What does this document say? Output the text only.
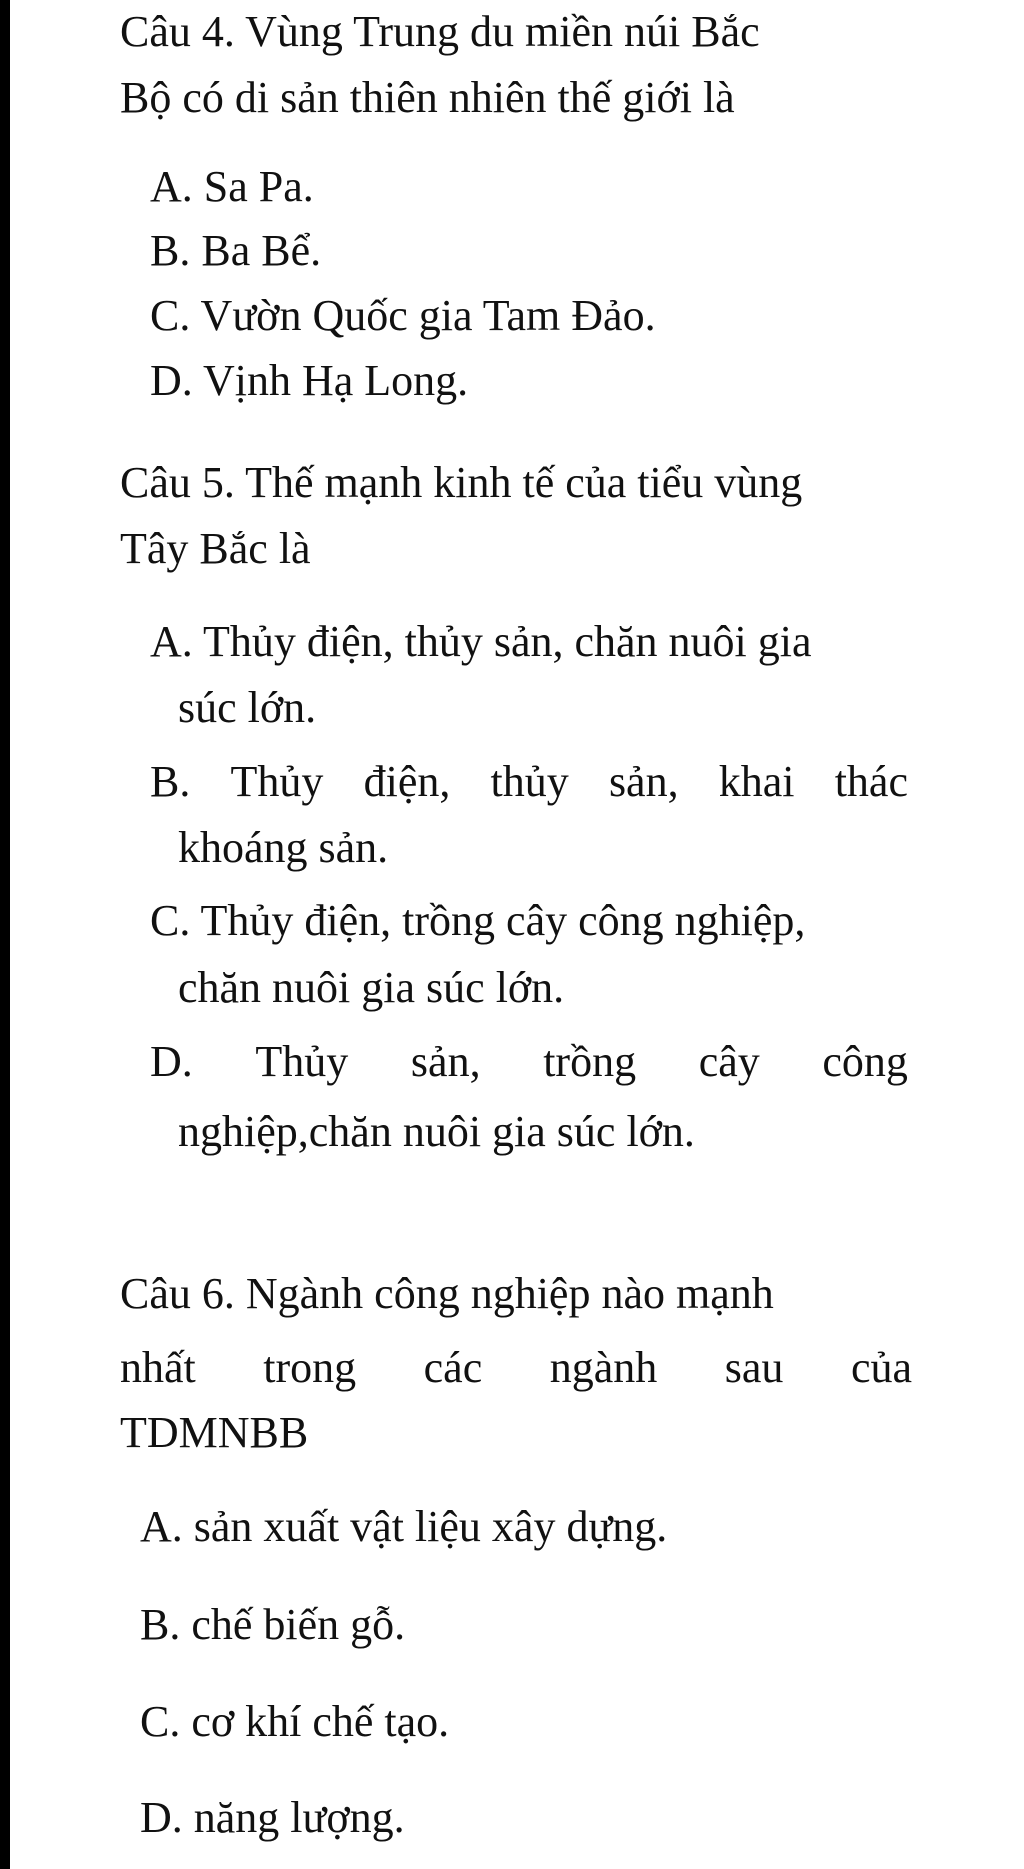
Câu 4. Vùng Trung du miền núi Bắc
Bộ có di sản thiên nhiên thế giới là
A. Sa Pa.
B. Ba Bể.
C. Vườn Quốc gia Tam Đảo.
D. Vịnh Hạ Long.
Câu 5. Thế mạnh kinh tế của tiểu vùng
Tây Bắc là
A. Thủy điện, thủy sản, chăn nuôi gia
súc lớn.
B. Thủy điện, thủy sản, khai thác
khoáng sản.
C. Thủy điện, trồng cây công nghiệp,
chăn nuôi gia súc lớn.
D. Thủy sản, trồng cây công
nghiệp,chăn nuôi gia súc lớn.
Câu 6. Ngành công nghiệp nào mạnh
nhất trong các ngành sau của
TDMNBB
A. sản xuất vật liệu xây dựng.
B. chế biến gỗ.
C. cơ khí chế tạo.
D. năng lượng.
